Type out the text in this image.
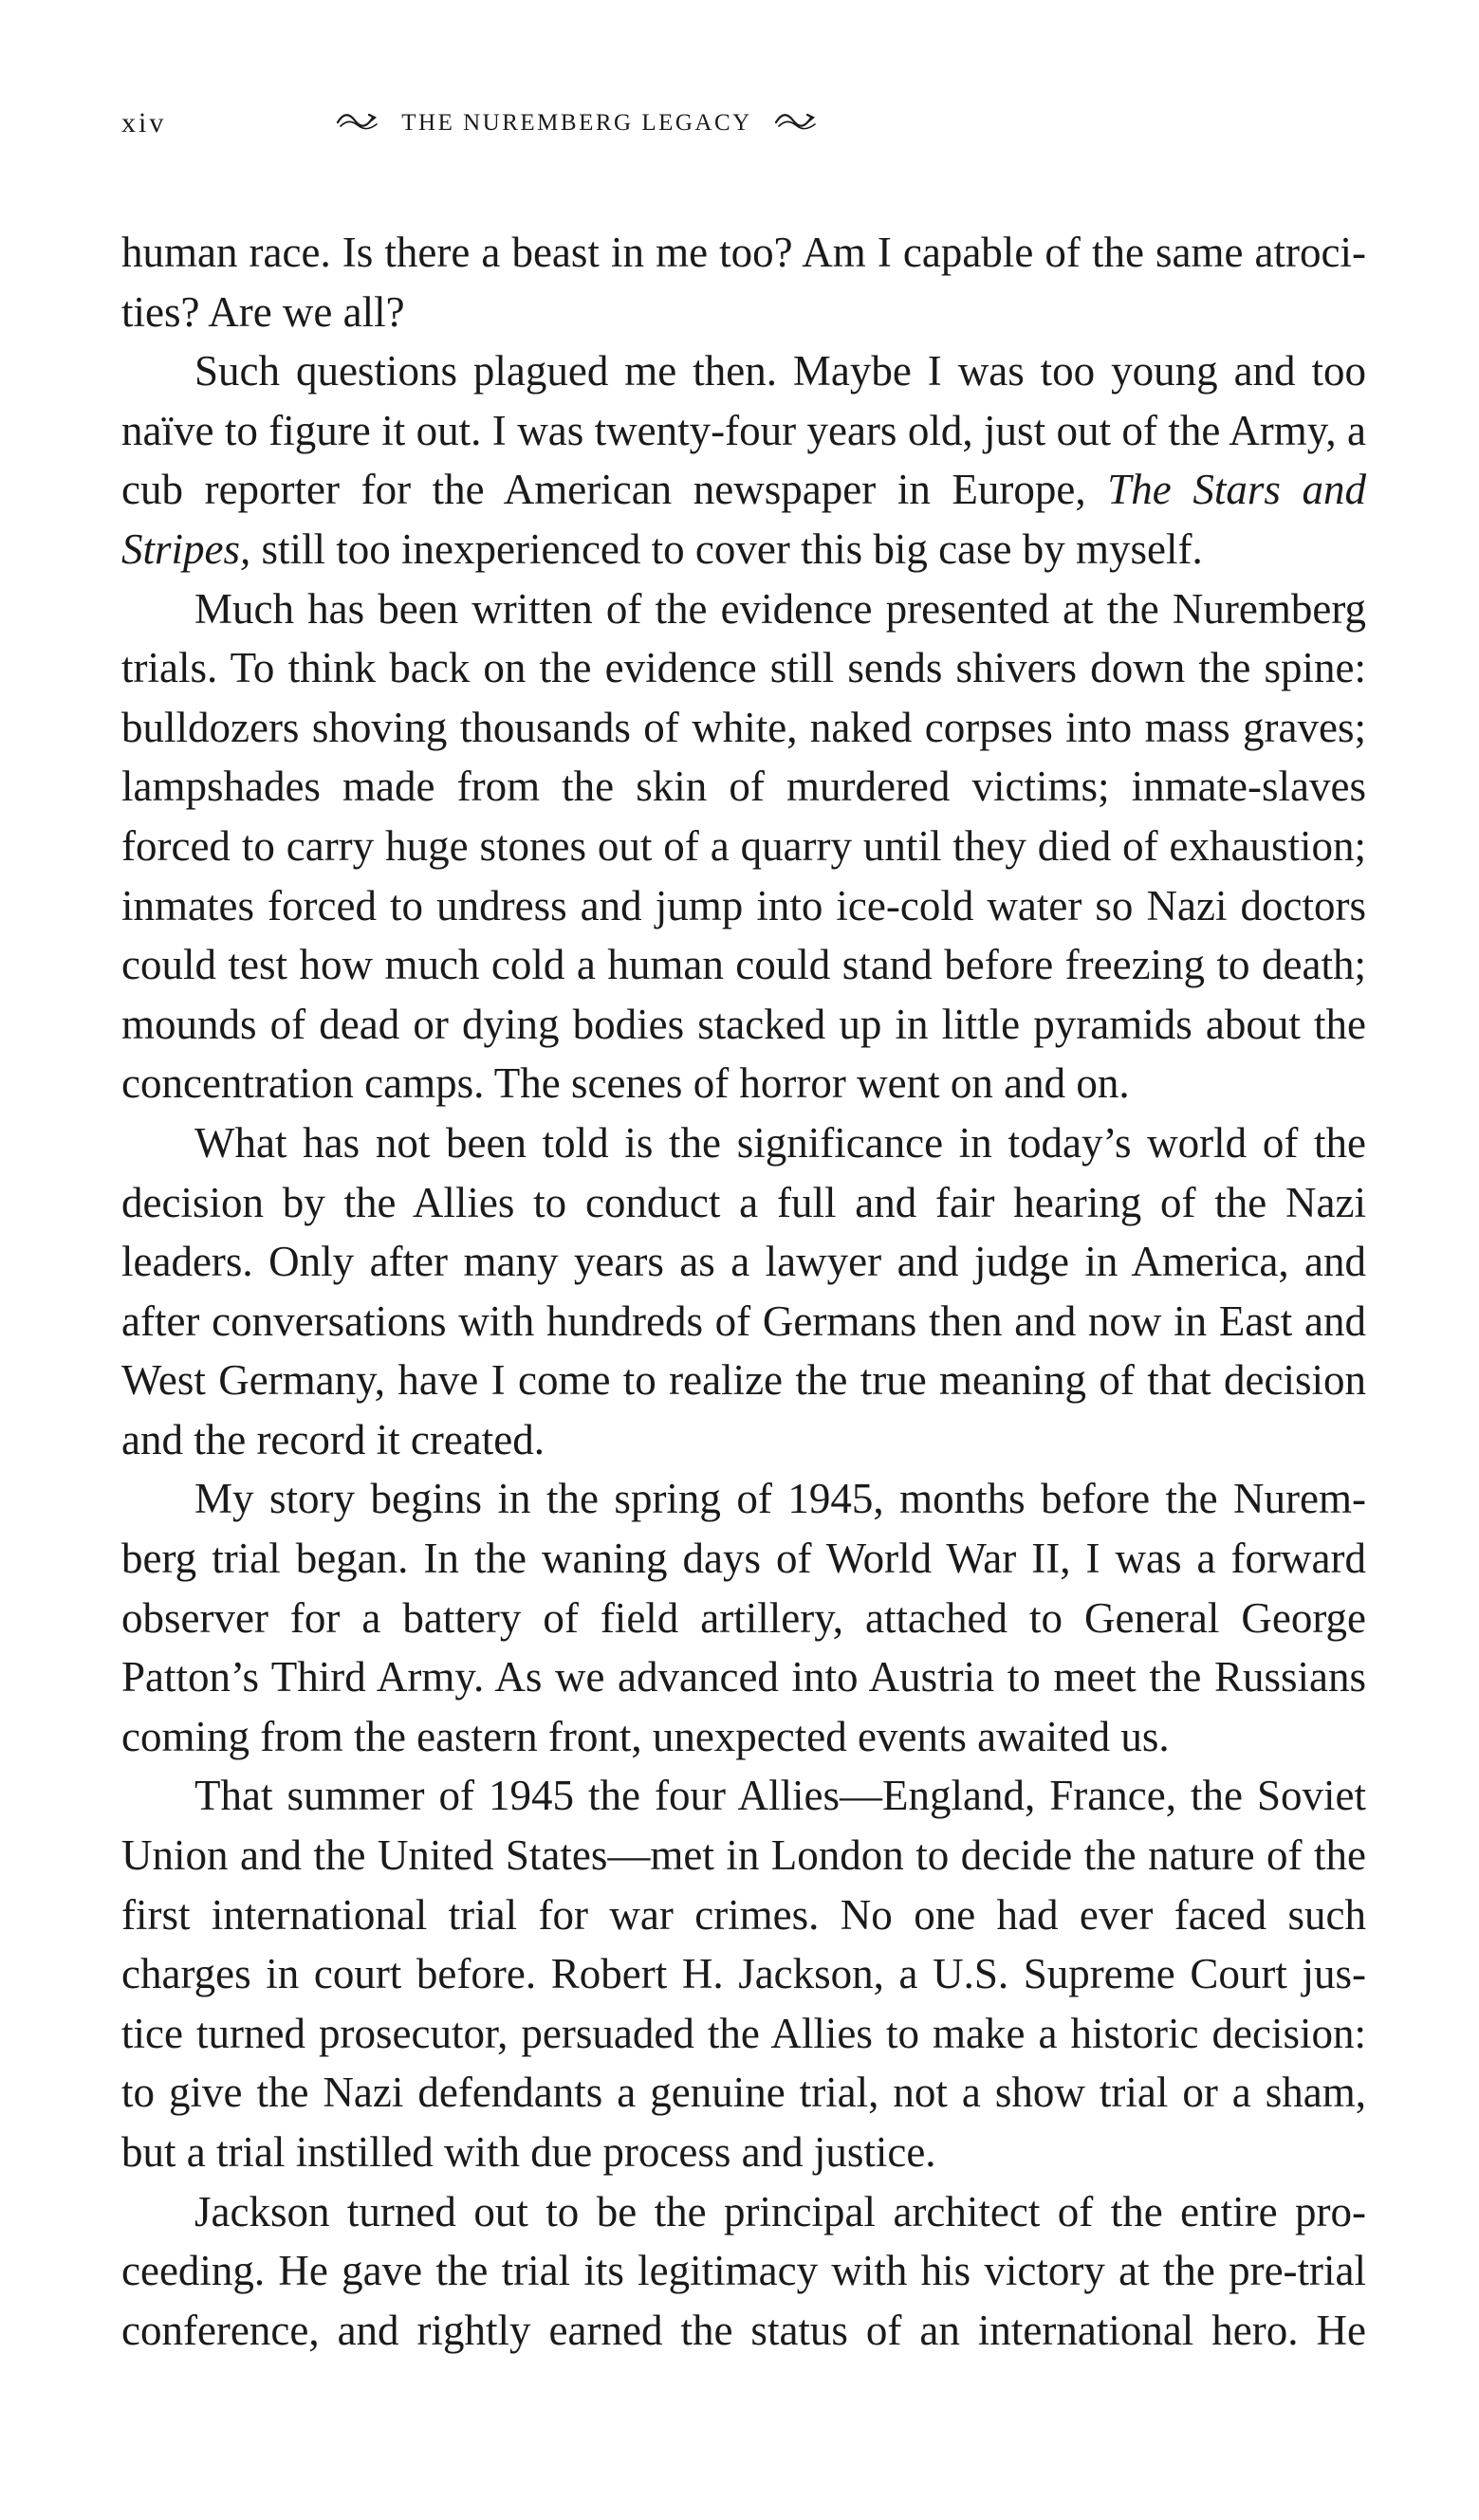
xiv	THE NUREMBERG LEGACY

human race. Is there a beast in me too? Am I capable of the same atrocities? Are we all?

Such questions plagued me then. Maybe I was too young and too naïve to figure it out. I was twenty-four years old, just out of the Army, a cub reporter for the American newspaper in Europe, The Stars and Stripes, still too inexperienced to cover this big case by myself.

Much has been written of the evidence presented at the Nuremberg trials. To think back on the evidence still sends shivers down the spine: bulldozers shoving thousands of white, naked corpses into mass graves; lampshades made from the skin of murdered victims; inmate-slaves forced to carry huge stones out of a quarry until they died of exhaustion; inmates forced to undress and jump into ice-cold water so Nazi doctors could test how much cold a human could stand before freezing to death; mounds of dead or dying bodies stacked up in little pyramids about the concentration camps. The scenes of horror went on and on.

What has not been told is the significance in today’s world of the decision by the Allies to conduct a full and fair hearing of the Nazi leaders. Only after many years as a lawyer and judge in America, and after conversations with hundreds of Germans then and now in East and West Germany, have I come to realize the true meaning of that decision and the record it created.

My story begins in the spring of 1945, months before the Nuremberg trial began. In the waning days of World War II, I was a forward observer for a battery of field artillery, attached to General George Patton’s Third Army. As we advanced into Austria to meet the Russians coming from the eastern front, unexpected events awaited us.

That summer of 1945 the four Allies—England, France, the Soviet Union and the United States—met in London to decide the nature of the first international trial for war crimes. No one had ever faced such charges in court before. Robert H. Jackson, a U.S. Supreme Court justice turned prosecutor, persuaded the Allies to make a historic decision: to give the Nazi defendants a genuine trial, not a show trial or a sham, but a trial instilled with due process and justice.

Jackson turned out to be the principal architect of the entire proceeding. He gave the trial its legitimacy with his victory at the pre-trial conference, and rightly earned the status of an international hero. He
